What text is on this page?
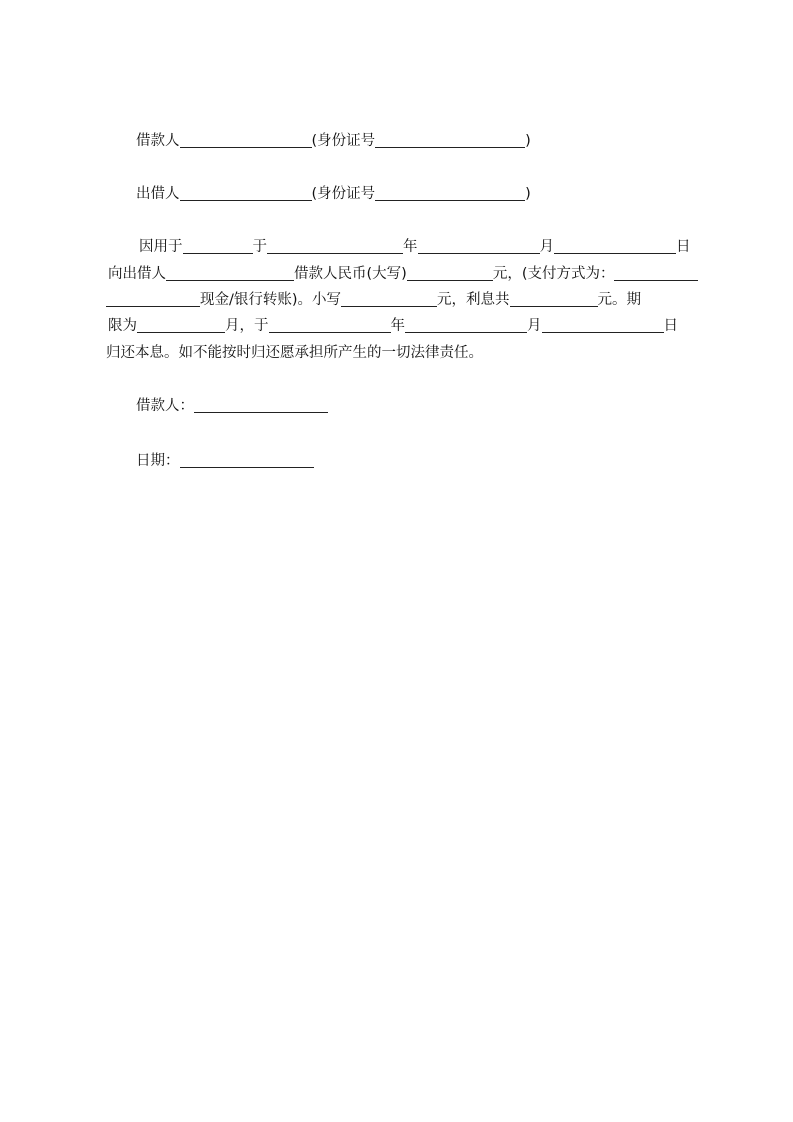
借款人	(身份证号	)
出借人	(身份证号	)
因用于	于	年	月	日
向出借人	借款人民币(大写)	元，(支付方式为：
现金/银行转账)。小写	元，利息共	元。期
限为	月，于	年	月	日
归还本息。如不能按时归还愿承担所产生的一切法律责任。
借款人：
日期：
